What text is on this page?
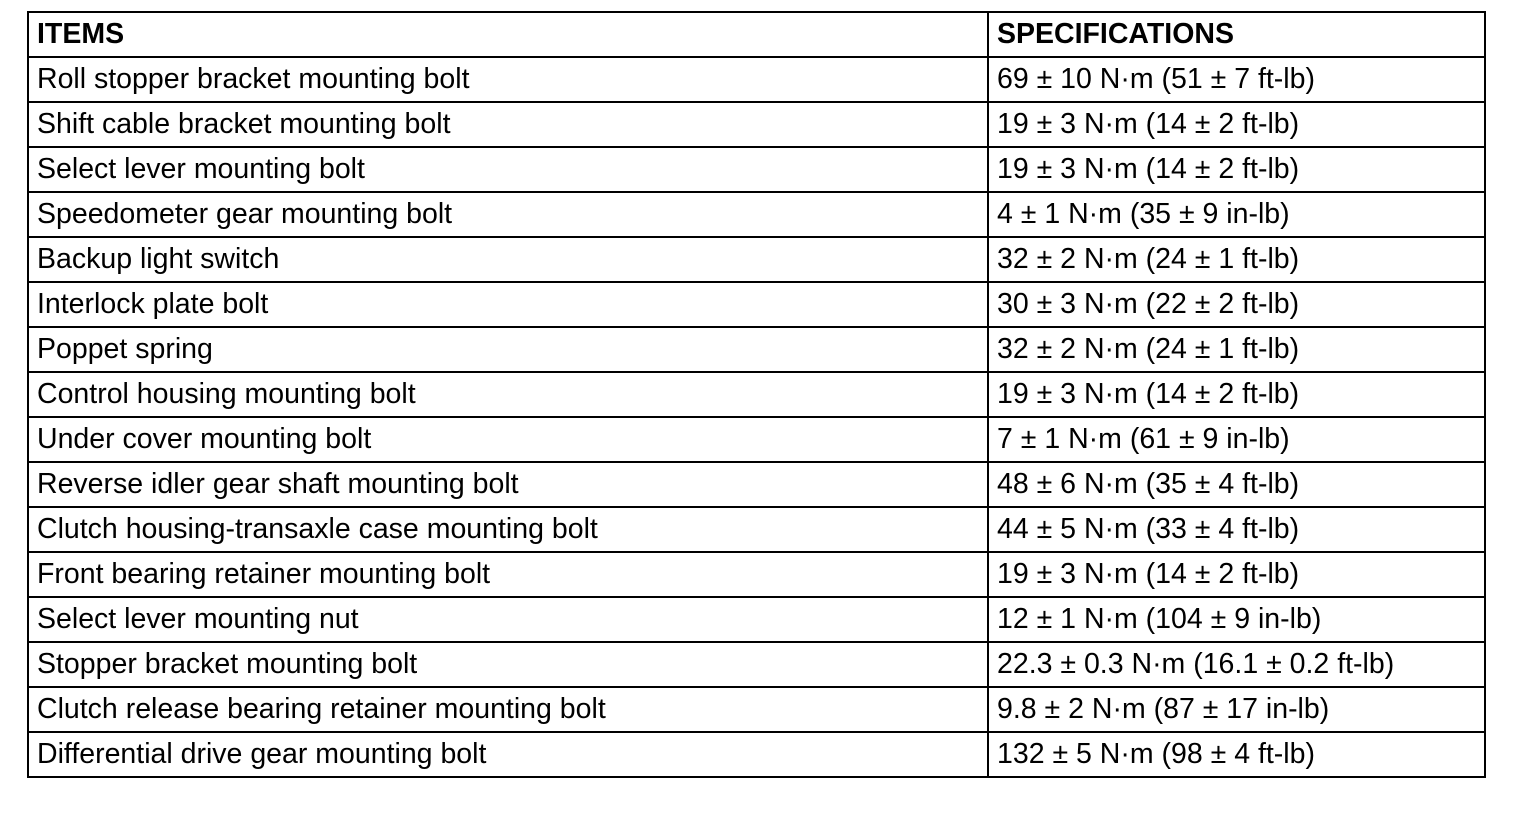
ITEMS	SPECIFICATIONS
Roll stopper bracket mounting bolt	69 ± 10 N·m (51 ± 7 ft-lb)
Shift cable bracket mounting bolt	19 ± 3 N·m (14 ± 2 ft-lb)
Select lever mounting bolt	19 ± 3 N·m (14 ± 2 ft-lb)
Speedometer gear mounting bolt	4 ± 1 N·m (35 ± 9 in-lb)
Backup light switch	32 ± 2 N·m (24 ± 1 ft-lb)
Interlock plate bolt	30 ± 3 N·m (22 ± 2 ft-lb)
Poppet spring	32 ± 2 N·m (24 ± 1 ft-lb)
Control housing mounting bolt	19 ± 3 N·m (14 ± 2 ft-lb)
Under cover mounting bolt	7 ± 1 N·m (61 ± 9 in-lb)
Reverse idler gear shaft mounting bolt	48 ± 6 N·m (35 ± 4 ft-lb)
Clutch housing-transaxle case mounting bolt	44 ± 5 N·m (33 ± 4 ft-lb)
Front bearing retainer mounting bolt	19 ± 3 N·m (14 ± 2 ft-lb)
Select lever mounting nut	12 ± 1 N·m (104 ± 9 in-lb)
Stopper bracket mounting bolt	22.3 ± 0.3 N·m (16.1 ± 0.2 ft-lb)
Clutch release bearing retainer mounting bolt	9.8 ± 2 N·m (87 ± 17 in-lb)
Differential drive gear mounting bolt	132 ± 5 N·m (98 ± 4 ft-lb)
